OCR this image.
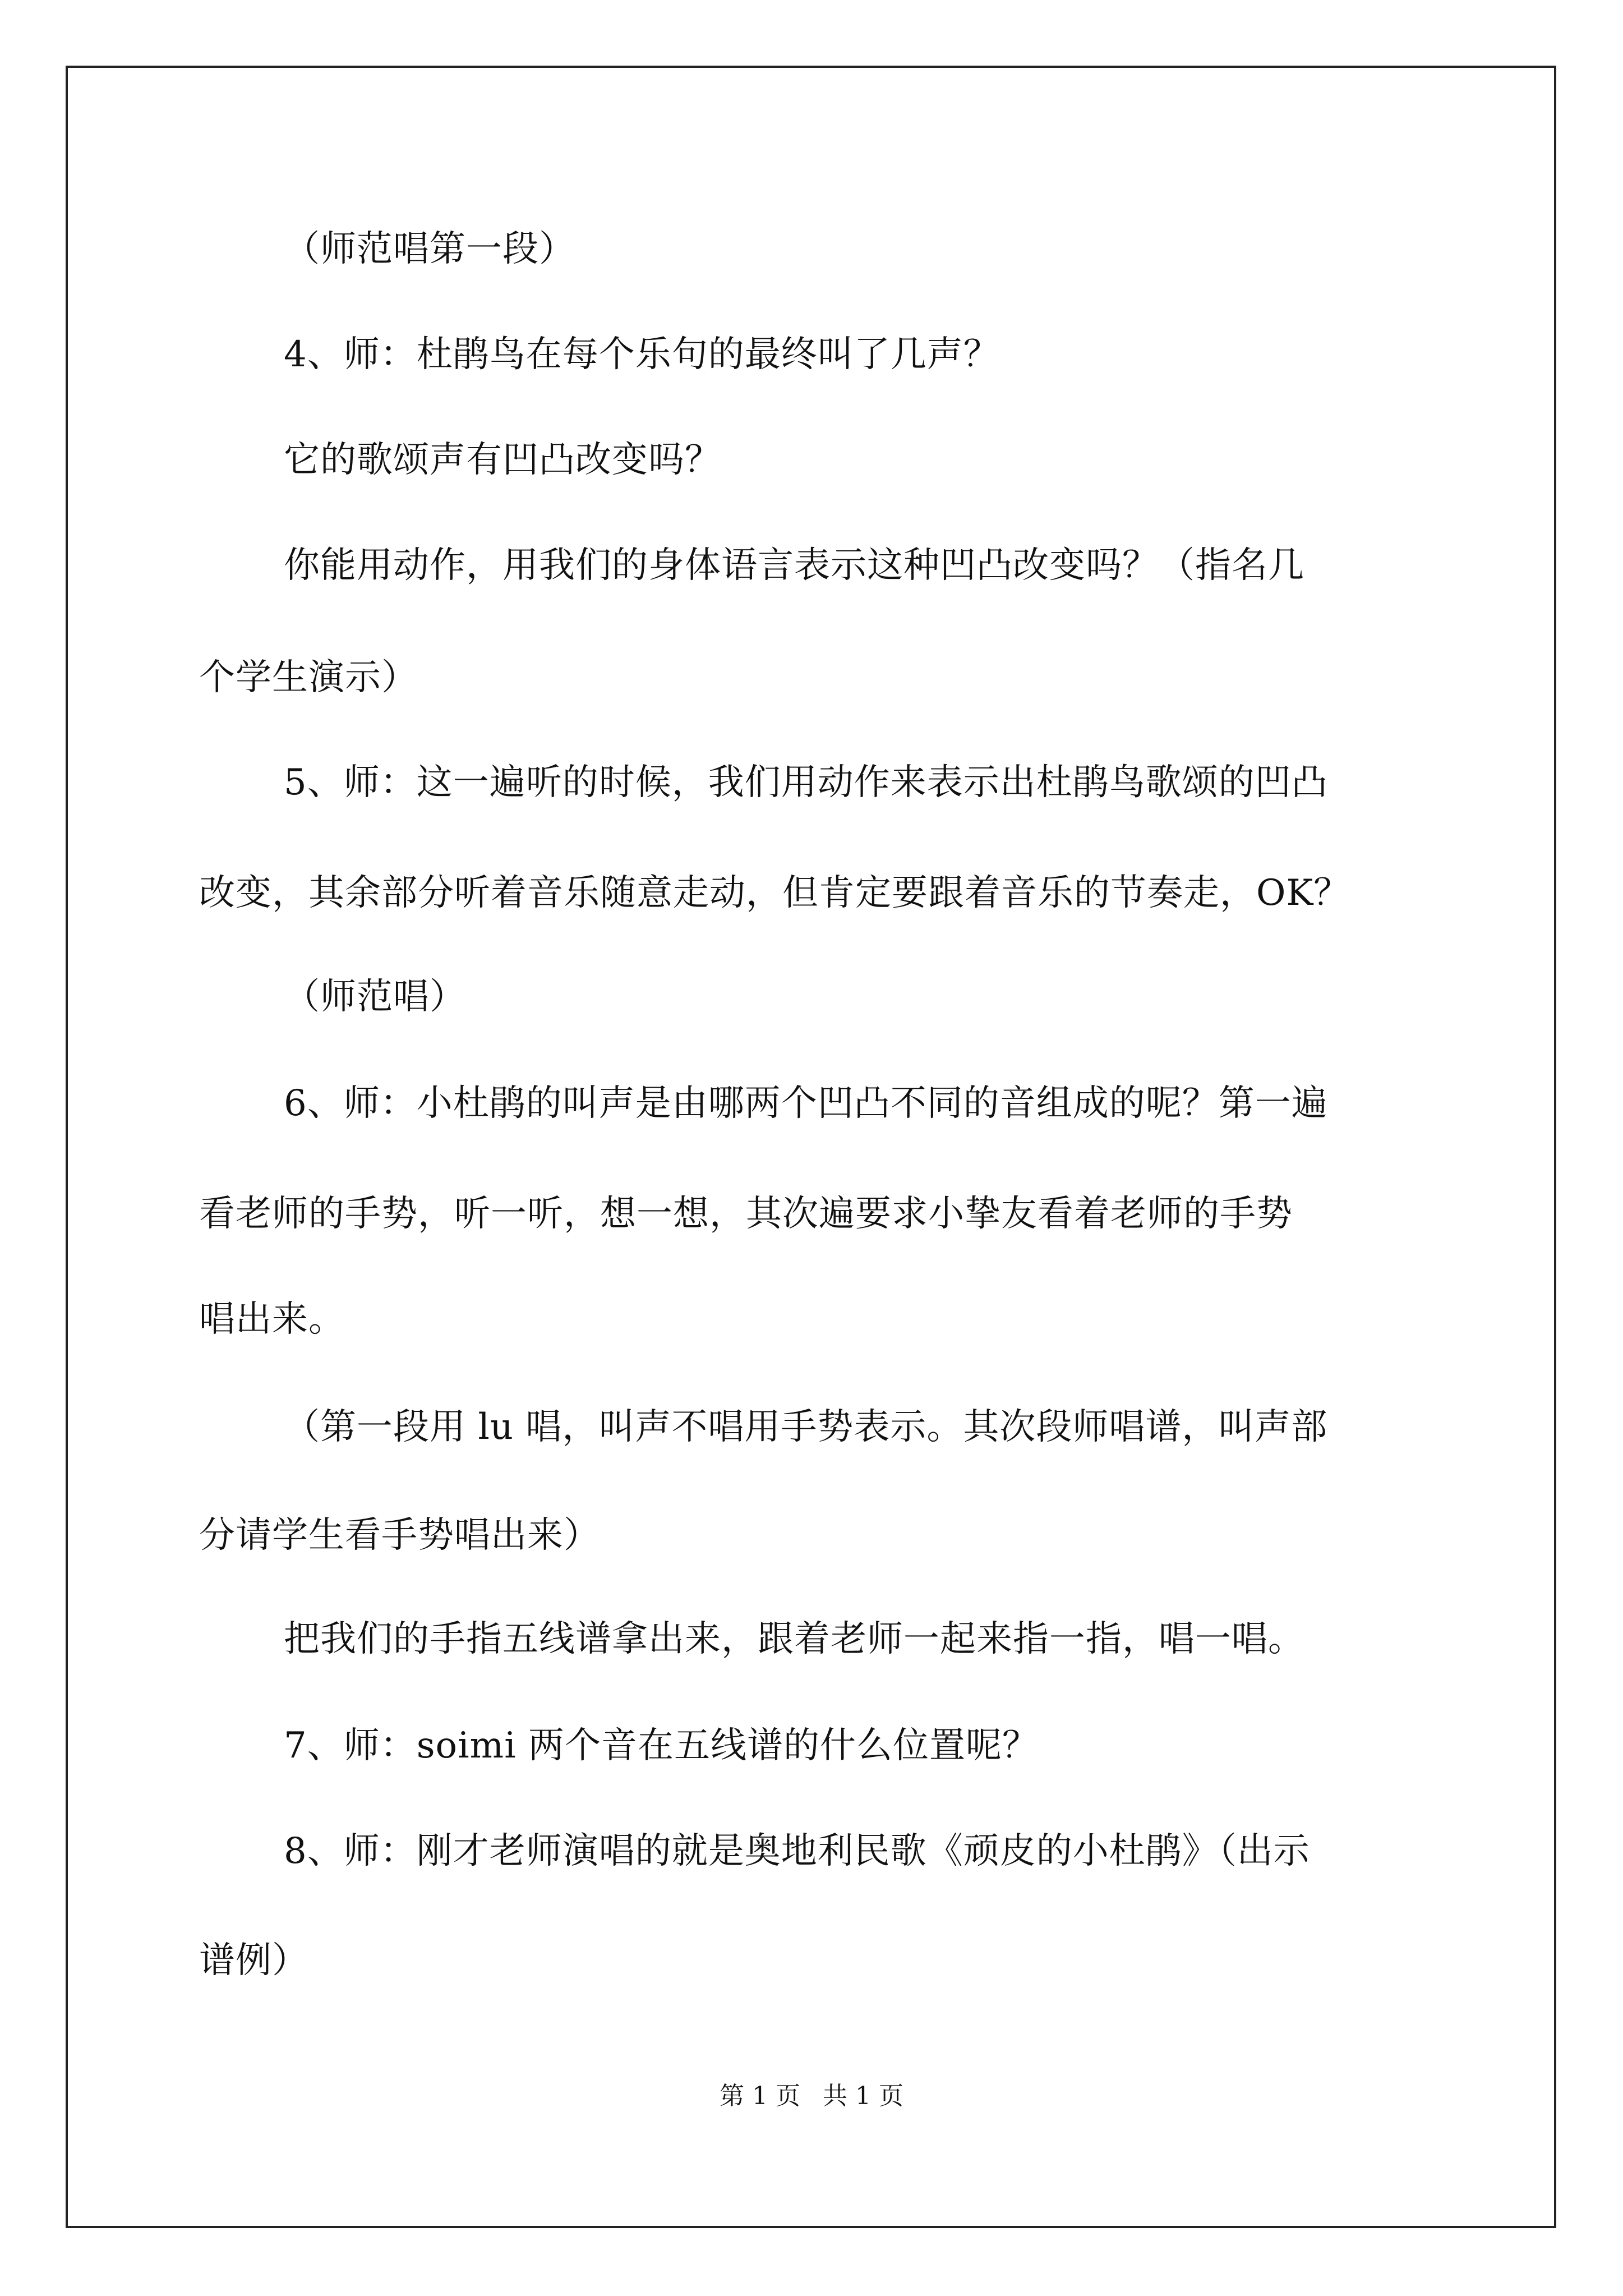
（师范唱第一段）
4、师：杜鹃鸟在每个乐句的最终叫了几声？
它的歌颂声有凹凸改变吗？
你能用动作，用我们的身体语言表示这种凹凸改变吗？（指名几
个学生演示）
5、师：这一遍听的时候，我们用动作来表示出杜鹃鸟歌颂的凹凸
改变，其余部分听着音乐随意走动，但肯定要跟着音乐的节奏走，OK？
（师范唱）
6、师：小杜鹃的叫声是由哪两个凹凸不同的音组成的呢？第一遍
看老师的手势，听一听，想一想，其次遍要求小挚友看着老师的手势
唱出来。
（第一段用 lu 唱，叫声不唱用手势表示。其次段师唱谱，叫声部
分请学生看手势唱出来）
把我们的手指五线谱拿出来，跟着老师一起来指一指，唱一唱。
7、师：soimi 两个音在五线谱的什么位置呢？
8、师：刚才老师演唱的就是奥地利民歌《顽皮的小杜鹃》（出示
谱例）
第 1 页 共 1 页
